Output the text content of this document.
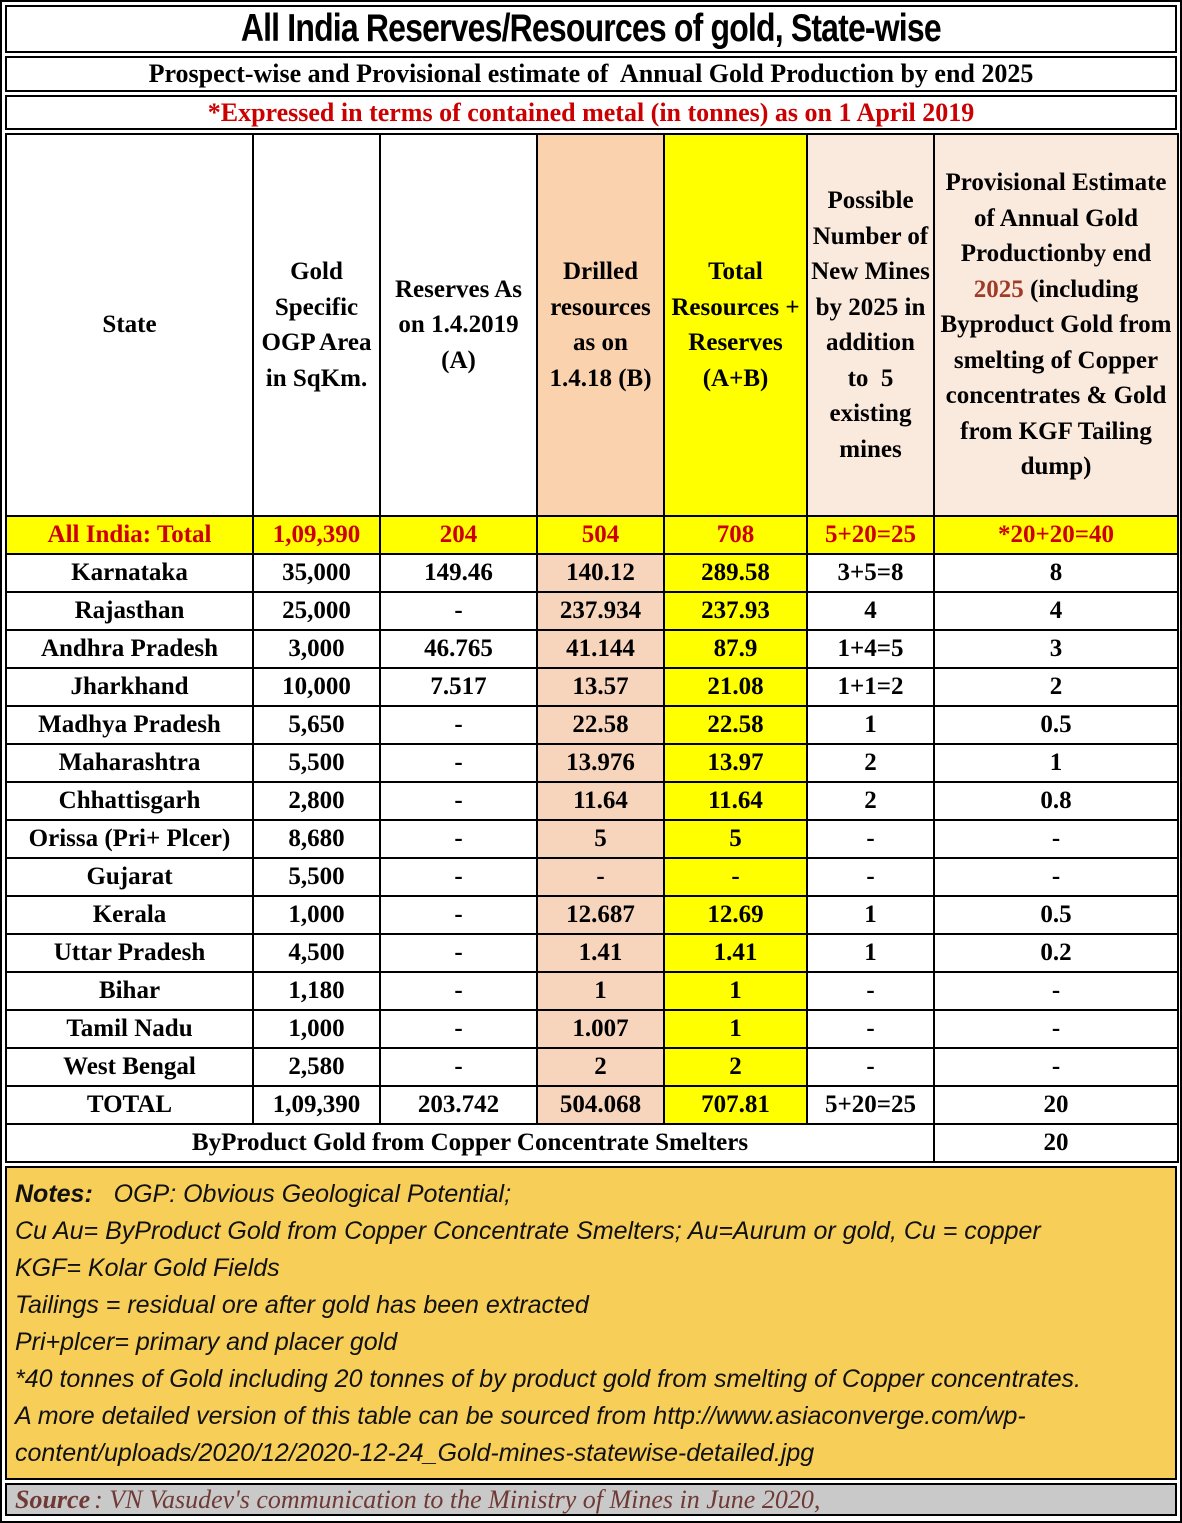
All India Reserves/Resources of gold, State-wise
Prospect-wise and Provisional estimate of  Annual Gold Production by end 2025
*Expressed in terms of contained metal (in tonnes) as on 1 April 2019
State	Gold Specific OGP Area in SqKm.	Reserves As on 1.4.2019 (A)	Drilled resources as on 1.4.18 (B)	Total Resources + Reserves (A+B)	Possible Number of New Mines by 2025 in addition to  5 existing mines	Provisional Estimate of Annual Gold Productionby end 2025 (including Byproduct Gold from smelting of Copper concentrates & Gold from KGF Tailing dump)
All India: Total	1,09,390	204	504	708	5+20=25	*20+20=40
Karnataka	35,000	149.46	140.12	289.58	3+5=8	8
Rajasthan	25,000	-	237.934	237.93	4	4
Andhra Pradesh	3,000	46.765	41.144	87.9	1+4=5	3
Jharkhand	10,000	7.517	13.57	21.08	1+1=2	2
Madhya Pradesh	5,650	-	22.58	22.58	1	0.5
Maharashtra	5,500	-	13.976	13.97	2	1
Chhattisgarh	2,800	-	11.64	11.64	2	0.8
Orissa (Pri+ Plcer)	8,680	-	5	5	-	-
Gujarat	5,500	-	-	-	-	-
Kerala	1,000	-	12.687	12.69	1	0.5
Uttar Pradesh	4,500	-	1.41	1.41	1	0.2
Bihar	1,180	-	1	1	-	-
Tamil Nadu	1,000	-	1.007	1	-	-
West Bengal	2,580	-	2	2	-	-
TOTAL	1,09,390	203.742	504.068	707.81	5+20=25	20
ByProduct Gold from Copper Concentrate Smelters						20
Notes:   OGP: Obvious Geological Potential;
Cu Au= ByProduct Gold from Copper Concentrate Smelters; Au=Aurum or gold, Cu = copper
KGF= Kolar Gold Fields
Tailings = residual ore after gold has been extracted
Pri+plcer= primary and placer gold
*40 tonnes of Gold including 20 tonnes of by product gold from smelting of Copper concentrates.
A more detailed version of this table can be sourced from http://www.asiaconverge.com/wp-
content/uploads/2020/12/2020-12-24_Gold-mines-statewise-detailed.jpg
Source : VN Vasudev's communication to the Ministry of Mines in June 2020,
